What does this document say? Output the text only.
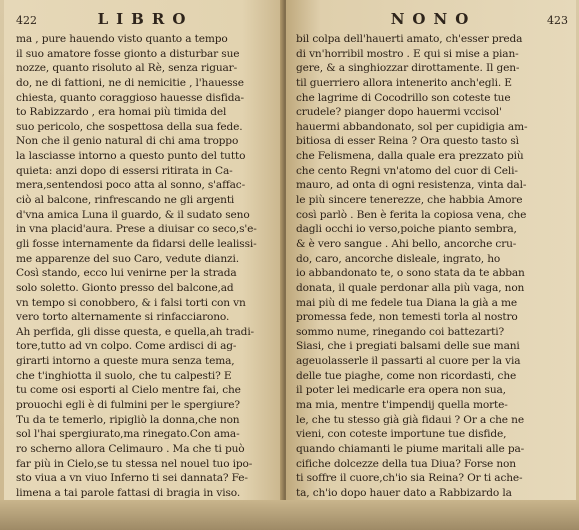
422	LIBRO
ma , pure hauendo visto quanto a tempo
il suo amatore fosse gionto a disturbar sue
nozze, quanto risoluto al Rè, senza riguar-
do, ne di fattioni, ne di nemicitie , l'hauesse
chiesta, quanto coraggioso hauesse disfida-
to Rabizzardo , era homai più timida del
suo pericolo, che sospettosa della sua fede.
Non che il genio natural di chi ama troppo
la lasciasse intorno a questo punto del tutto
quieta: anzi dopo di essersi ritirata in Ca-
mera,sentendosi poco atta al sonno, s'affac-
ciò al balcone, rinfrescando ne gli argenti
d'vna amica Luna il guardo, & il sudato seno
in vna placid'aura. Prese a diuisar co seco,s'e-
gli fosse internamente da fidarsi delle lealissi-
me apparenze del suo Caro, vedute dianzi.
Così stando, ecco lui venirne per la strada
solo soletto. Gionto presso del balcone,ad
vn tempo si conobbero, & i falsi torti con vn
vero torto alternamente si rinfacciarono.
Ah perfida, gli disse questa, e quella,ah tradi-
tore,tutto ad vn colpo. Come ardisci di ag-
girarti intorno a queste mura senza tema,
che t'inghiotta il suolo, che tu calpesti? E
tu come osi esporti al Cielo mentre fai, che
prouochi egli è di fulmini per le spergiure?
Tu da te temerlo, ripigliò la donna,che non
sol l'hai spergiurato,ma rinegato.Con ama-
ro scherno allora Celimauro . Ma che ti può
far più in Cielo,se tu stessa nel nouel tuo ipo-
sto viua a vn viuo Inferno ti sei dannata? Fe-
limena a tai parole fattasi di bragia in viso.
NONO	423
bil colpa dell'hauerti amato, ch'esser preda
di vn'horribil mostro . E qui si mise a pian-
gere, & a singhiozzar dirottamente. Il gen-
til guerriero allora intenerito anch'egli. E
che lagrime di Cocodrillo son coteste tue
crudele? pianger dopo hauermi vccisol'
hauermi abbandonato, sol per cupidigia am-
bitiosa di esser Reina ? Ora questo tasto sì
che Felismena, dalla quale era prezzato più
che cento Regni vn'atomo del cuor di Celi-
mauro, ad onta di ogni resistenza, vinta dal-
le più sincere tenerezze, che habbia Amore
così parlò . Ben è ferita la copiosa vena, che
dagli occhi io verso,poiche pianto sembra,
& è vero sangue . Ahi bello, ancorche cru-
do, caro, ancorche disleale, ingrato, ho
io abbandonato te, o sono stata da te abban
donata, il quale perdonar alla più vaga, non
mai più di me fedele tua Diana la già a me
promessa fede, non temesti torla al nostro
sommo nume, rinegando coi battezarti?
Siasi, che i pregiati balsami delle sue mani
ageuolasserle il passarti al cuore per la via
delle tue piaghe, come non ricordasti, che
il poter lei medicarle era opera non sua,
ma mia, mentre t'impendij quella morte-
le, che tu stesso già già fidaui ? Or a che ne
vieni, con coteste importune tue disfide,
quando chiamanti le piume maritali alle pa-
cifiche dolcezze della tua Diua? Forse non
ti soffre il cuore,ch'io sia Reina? Or ti ache-
ta, ch'io dopo hauer dato a Rabbizardo la
